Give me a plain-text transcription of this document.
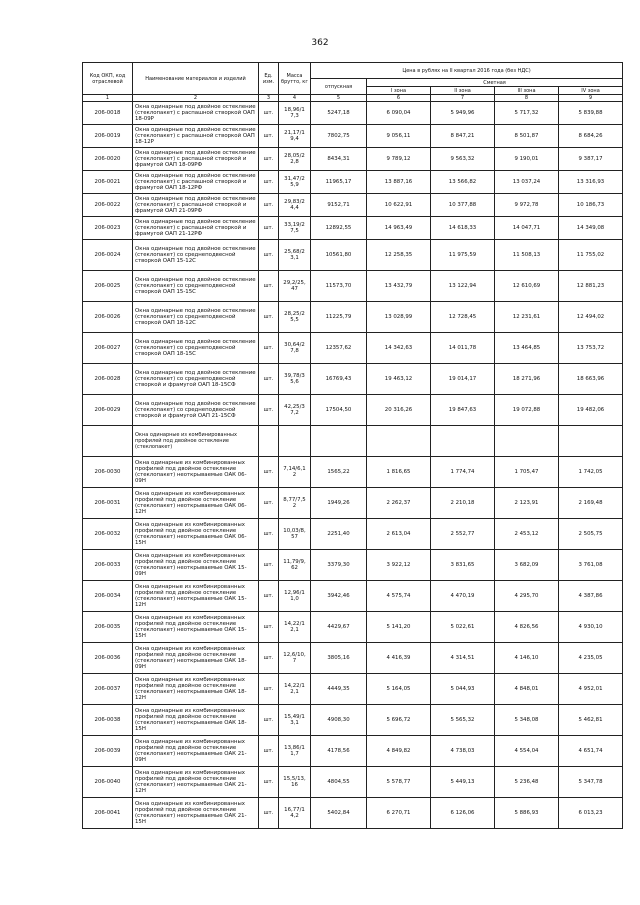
362
Код ОКП, код отраслевой	Наименование материалов и изделий	Ед. изм.	Масса брутто, кг	Цена в рублях на II квартал 2016 года (без НДС)				
				отпускная	Сметная			
					I зона	II зона	III зона	IV зона
1	2	3	4	5	6	7	8	9
206-0018	Окна одинарные под двойное остекление (стеклопакет) с распашной створкой ОАП 18-09Р	шт.	18,96/1 7,3	5247,18	6 090,04	5 949,96	5 717,32	5 839,88
206-0019	Окна одинарные под двойное остекление (стеклопакет) с распашной створкой ОАП 18-12Р	шт.	21,17/1 9,4	7802,75	9 056,11	8 847,21	8 501,87	8 684,26
206-0020	Окна одинарные под двойное остекление (стеклопакет) с распашной створкой и фрамугой ОАП 18-09РФ	шт.	28,05/2 2,8	8434,31	9 789,12	9 563,32	9 190,01	9 387,17
206-0021	Окна одинарные под двойное остекление (стеклопакет) с распашной створкой и фрамугой ОАП 18-12РФ	шт.	31,47/2 5,9	11965,17	13 887,16	13 566,82	13 037,24	13 316,93
206-0022	Окна одинарные под двойное остекление (стеклопакет) с распашной створкой и фрамугой ОАП 21-09РФ	шт.	29,83/2 4,4	9152,71	10 622,91	10 377,88	9 972,78	10 186,73
206-0023	Окна одинарные под двойное остекление (стеклопакет) с распашной створкой и фрамугой ОАП 21-12РФ	шт.	33,19/2 7,5	12892,55	14 963,49	14 618,33	14 047,71	14 349,08
206-0024	Окна одинарные под двойное остекление (стеклопакет) со среднеподвесной створкой ОАП 15-12С	шт.	25,68/2 3,1	10561,80	12 258,35	11 975,59	11 508,13	11 755,02
206-0025	Окна одинарные под двойное остекление (стеклопакет) со среднеподвесной створкой ОАП 15-15С	шт.	29,2/25, 47	11573,70	13 432,79	13 122,94	12 610,69	12 881,23
206-0026	Окна одинарные под двойное остекление (стеклопакет) со среднеподвесной створкой ОАП 18-12С	шт.	28,25/2 5,5	11225,79	13 028,99	12 728,45	12 231,61	12 494,02
206-0027	Окна одинарные под двойное остекление (стеклопакет) со среднеподвесной створкой ОАП 18-15С	шт.	30,64/2 7,8	12357,62	14 342,63	14 011,78	13 464,85	13 753,72
206-0028	Окна одинарные под двойное остекление (стеклопакет) со среднеподвесной створкой и фрамугой ОАП 18-15СФ	шт.	39,78/3 5,6	16769,43	19 463,12	19 014,17	18 271,96	18 663,96
206-0029	Окна одинарные под двойное остекление (стеклопакет) со среднеподвесной створкой и фрамугой ОАП 21-15СФ	шт.	42,25/3 7,2	17504,50	20 316,26	19 847,63	19 072,88	19 482,06
	Окна одинарные из комбинированных профилей под двойное остекление (стеклопакет)							
206-0030	Окна одинарные из комбинированных профилей под двойное остекление (стеклопакет) неоткрываемые ОАК 06-09Н	шт.	7,14/6,1 2	1565,22	1 816,65	1 774,74	1 705,47	1 742,05
206-0031	Окна одинарные из комбинированных профилей под двойное остекление (стеклопакет) неоткрываемые ОАК 06-12Н	шт.	8,77/7,5 2	1949,26	2 262,37	2 210,18	2 123,91	2 169,48
206-0032	Окна одинарные из комбинированных профилей под двойное остекление (стеклопакет) неоткрываемые ОАК 06-15Н	шт.	10,03/8, 57	2251,40	2 613,04	2 552,77	2 453,12	2 505,75
206-0033	Окна одинарные из комбинированных профилей под двойное остекление (стеклопакет) неоткрываемые ОАК 15-09Н	шт.	11,79/9, 62	3379,30	3 922,12	3 831,65	3 682,09	3 761,08
206-0034	Окна одинарные из комбинированных профилей под двойное остекление (стеклопакет) неоткрываемые ОАК 15-12Н	шт.	12,96/1 1,0	3942,46	4 575,74	4 470,19	4 295,70	4 387,86
206-0035	Окна одинарные из комбинированных профилей под двойное остекление (стеклопакет) неоткрываемые ОАК 15-15Н	шт.	14,22/1 2,1	4429,67	5 141,20	5 022,61	4 826,56	4 930,10
206-0036	Окна одинарные из комбинированных профилей под двойное остекление (стеклопакет) неоткрываемые ОАК 18-09Н	шт.	12,6/10, 7	3805,16	4 416,39	4 314,51	4 146,10	4 235,05
206-0037	Окна одинарные из комбинированных профилей под двойное остекление (стеклопакет) неоткрываемые ОАК 18-12Н	шт.	14,22/1 2,1	4449,35	5 164,05	5 044,93	4 848,01	4 952,01
206-0038	Окна одинарные из комбинированных профилей под двойное остекление (стеклопакет) неоткрываемые ОАК 18-15Н	шт.	15,49/1 3,1	4908,30	5 696,72	5 565,32	5 348,08	5 462,81
206-0039	Окна одинарные из комбинированных профилей под двойное остекление (стеклопакет) неоткрываемые ОАК 21-09Н	шт.	13,86/1 1,7	4178,56	4 849,82	4 738,03	4 554,04	4 651,74
206-0040	Окна одинарные из комбинированных профилей под двойное остекление (стеклопакет) неоткрываемые ОАК 21-12Н	шт.	15,5/13, 16	4804,55	5 578,77	5 449,13	5 236,48	5 347,78
206-0041	Окна одинарные из комбинированных профилей под двойное остекление (стеклопакет) неоткрываемые ОАК 21-15Н	шт.	16,77/1 4,2	5402,84	6 270,71	6 126,06	5 886,93	6 013,23
